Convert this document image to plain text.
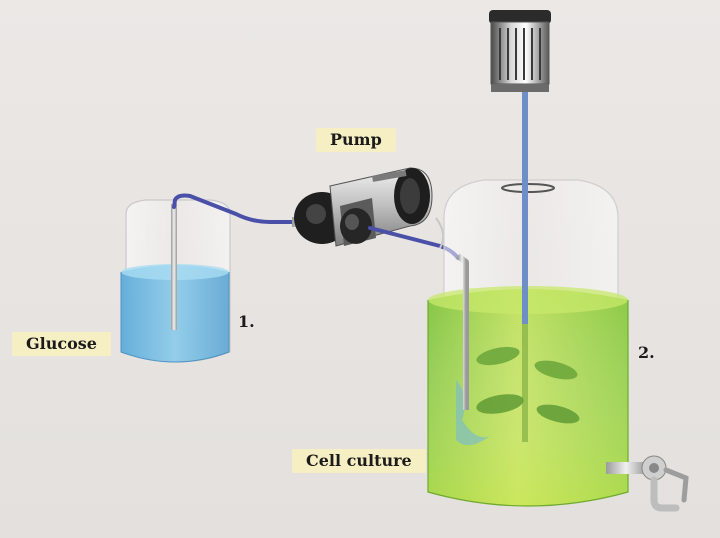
Pump
Glucose
Cell culture
1.
2.
